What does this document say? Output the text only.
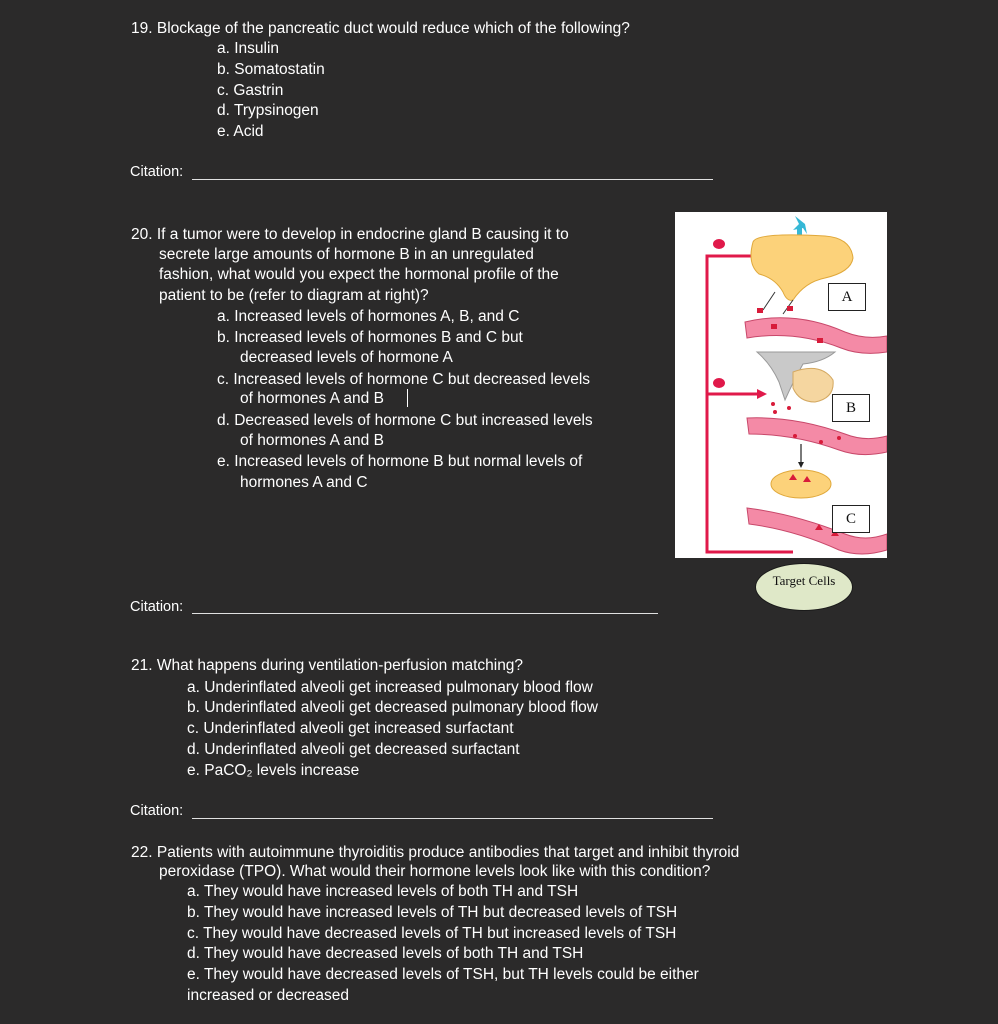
19. Blockage of the pancreatic duct would reduce which of the following?
a. Insulin
b. Somatostatin
c. Gastrin
d. Trypsinogen
e. Acid
Citation:
20. If a tumor were to develop in endocrine gland B causing it to
secrete large amounts of hormone B in an unregulated
fashion, what would you expect the hormonal profile of the
patient to be (refer to diagram at right)?
a. Increased levels of hormones A, B, and C
b. Increased levels of hormones B and C but
decreased levels of hormone A
c. Increased levels of hormone C but decreased levels
of hormones A and B
d. Decreased levels of hormone C but increased levels
of hormones A and B
e. Increased levels of hormone B but normal levels of
hormones A and C
Citation:
A
B
C
Target Cells
21. What happens during ventilation-perfusion matching?
a. Underinflated alveoli get increased pulmonary blood flow
b. Underinflated alveoli get decreased pulmonary blood flow
c. Underinflated alveoli get increased surfactant
d. Underinflated alveoli get decreased surfactant
e. PaCO₂ levels increase
Citation:
22. Patients with autoimmune thyroiditis produce antibodies that target and inhibit thyroid
peroxidase (TPO). What would their hormone levels look like with this condition?
a. They would have increased levels of both TH and TSH
b. They would have increased levels of TH but decreased levels of TSH
c. They would have decreased levels of TH but increased levels of TSH
d. They would have decreased levels of both TH and TSH
e. They would have decreased levels of TSH, but TH levels could be either
increased or decreased
